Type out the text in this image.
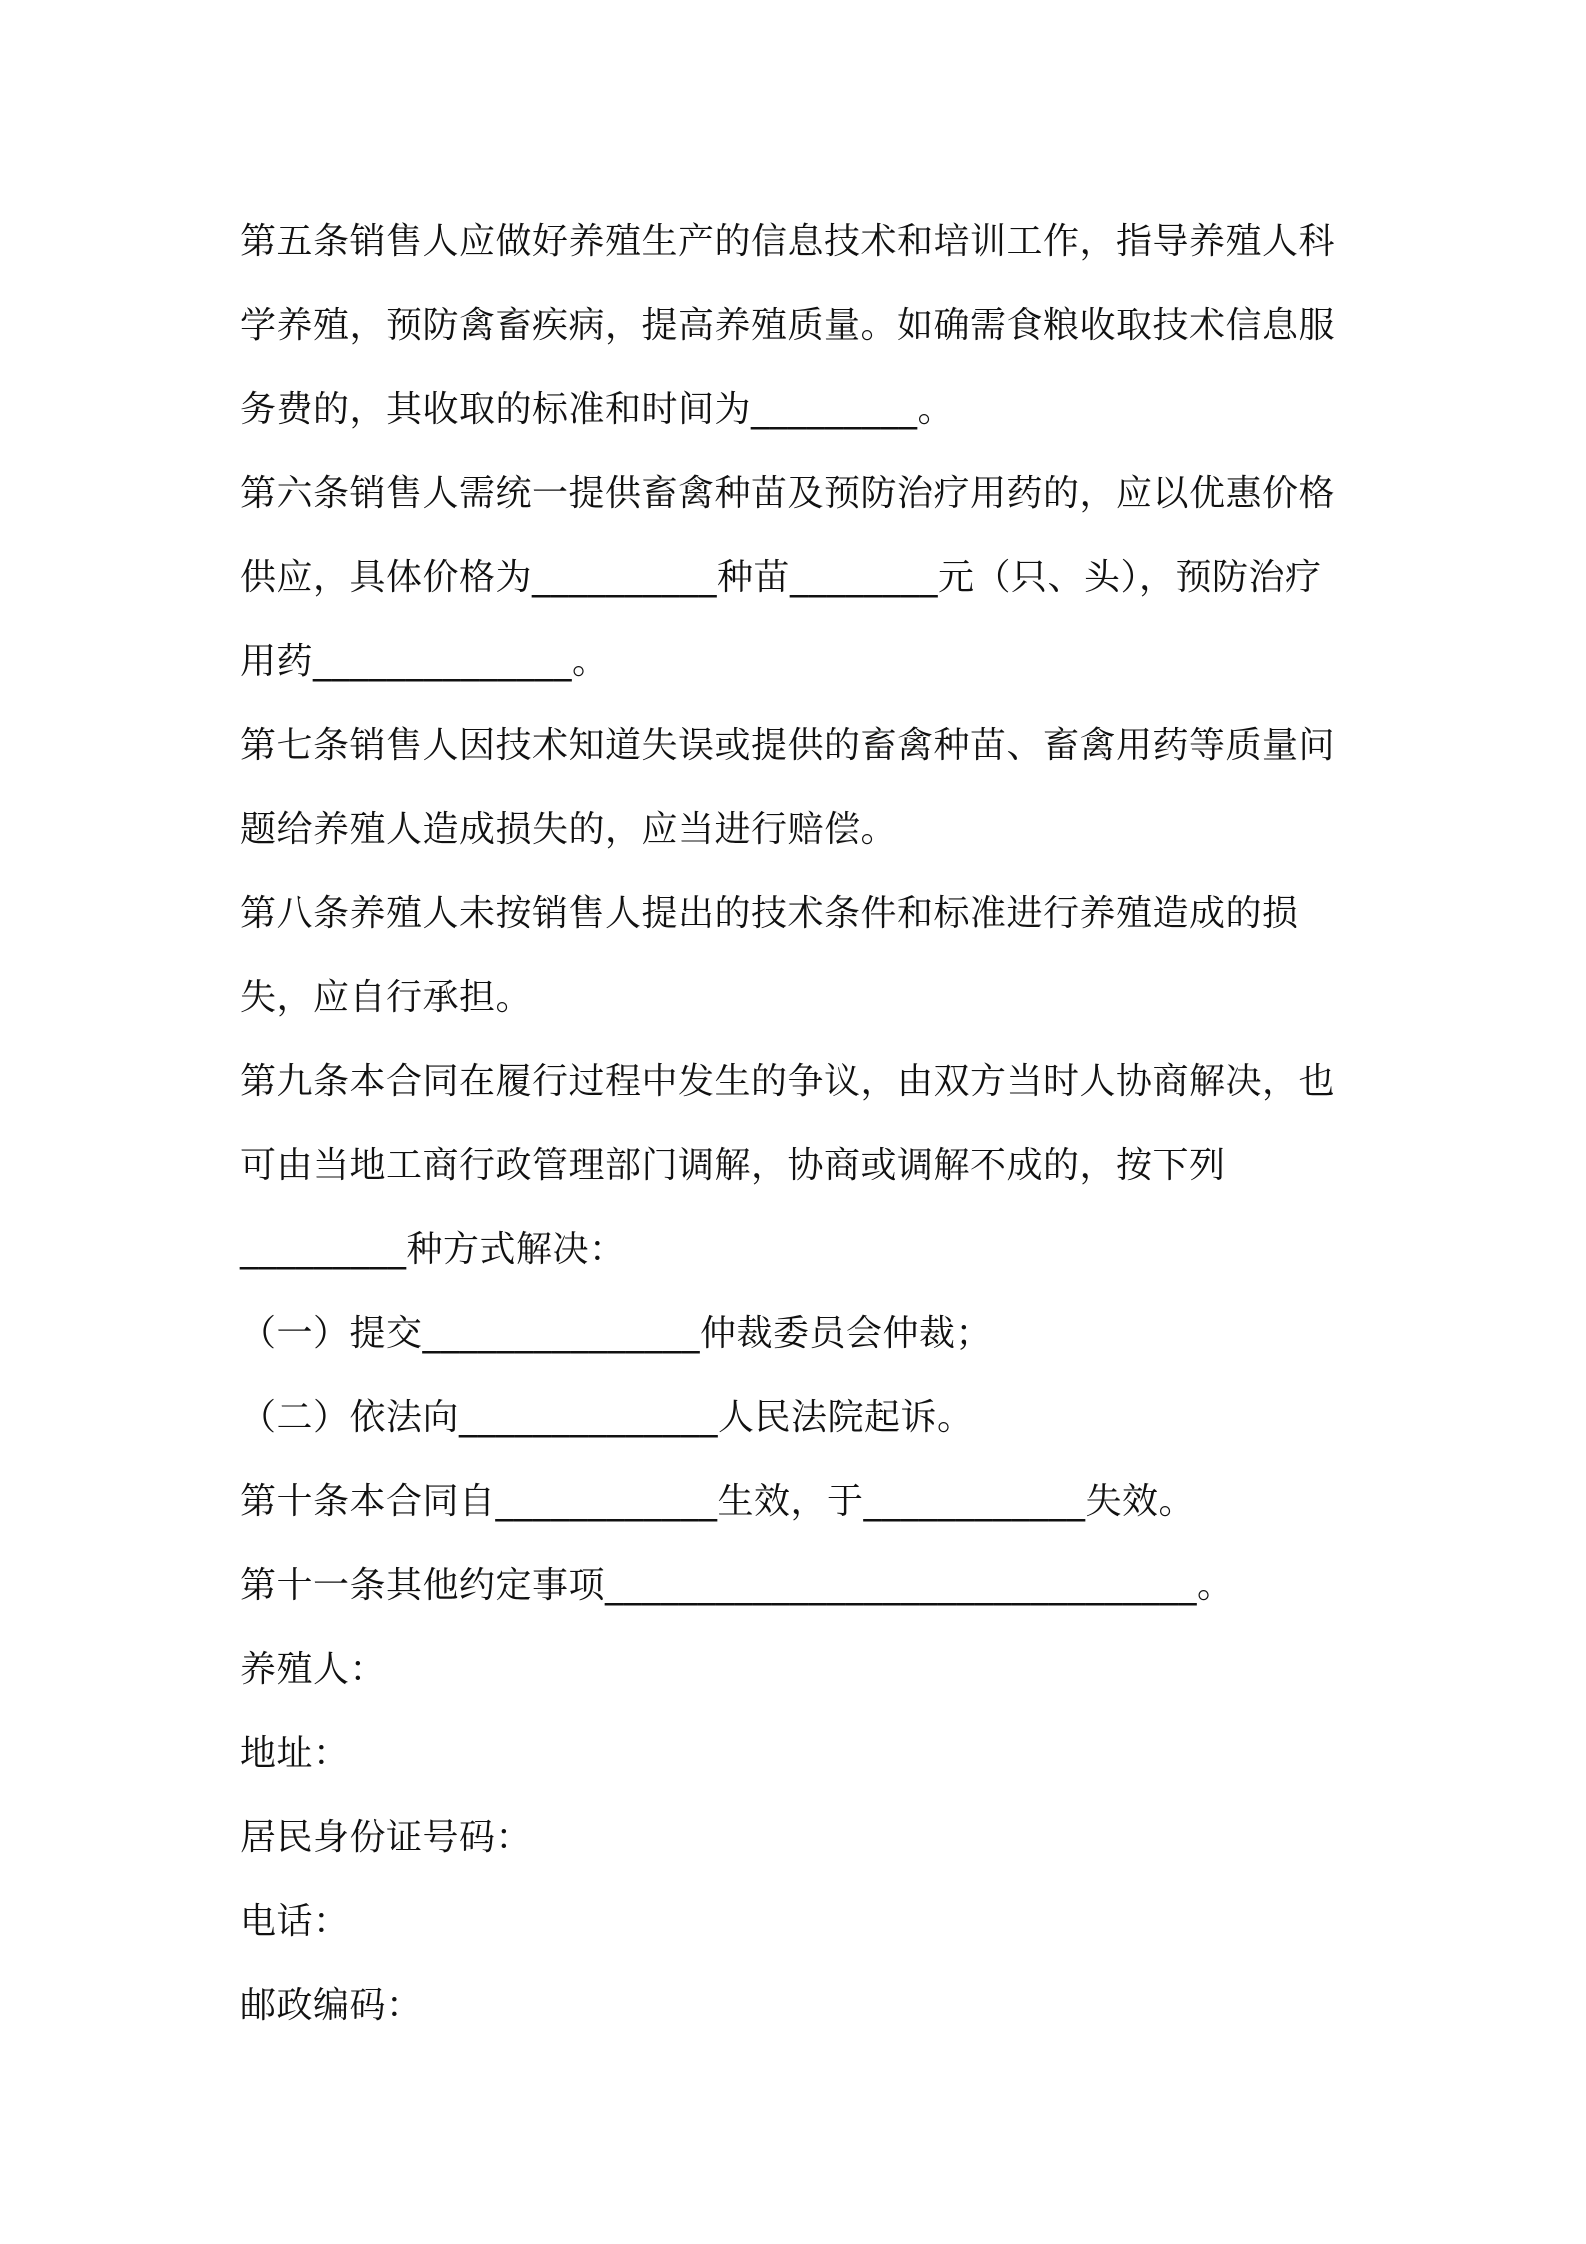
第五条销售人应做好养殖生产的信息技术和培训工作，指导养殖人科
学养殖，预防禽畜疾病，提高养殖质量。如确需食粮收取技术信息服
务费的，其收取的标准和时间为_________。
第六条销售人需统一提供畜禽种苗及预防治疗用药的，应以优惠价格
供应，具体价格为__________种苗________元（只、头），预防治疗
用药______________。
第七条销售人因技术知道失误或提供的畜禽种苗、畜禽用药等质量问
题给养殖人造成损失的，应当进行赔偿。
第八条养殖人未按销售人提出的技术条件和标准进行养殖造成的损
失，应自行承担。
第九条本合同在履行过程中发生的争议，由双方当时人协商解决，也
可由当地工商行政管理部门调解，协商或调解不成的，按下列
_________种方式解决：
（一）提交_______________仲裁委员会仲裁；
（二）依法向______________人民法院起诉。
第十条本合同自____________生效，于____________失效。
第十一条其他约定事项________________________________。
养殖人：
地址：
居民身份证号码：
电话：
邮政编码：
